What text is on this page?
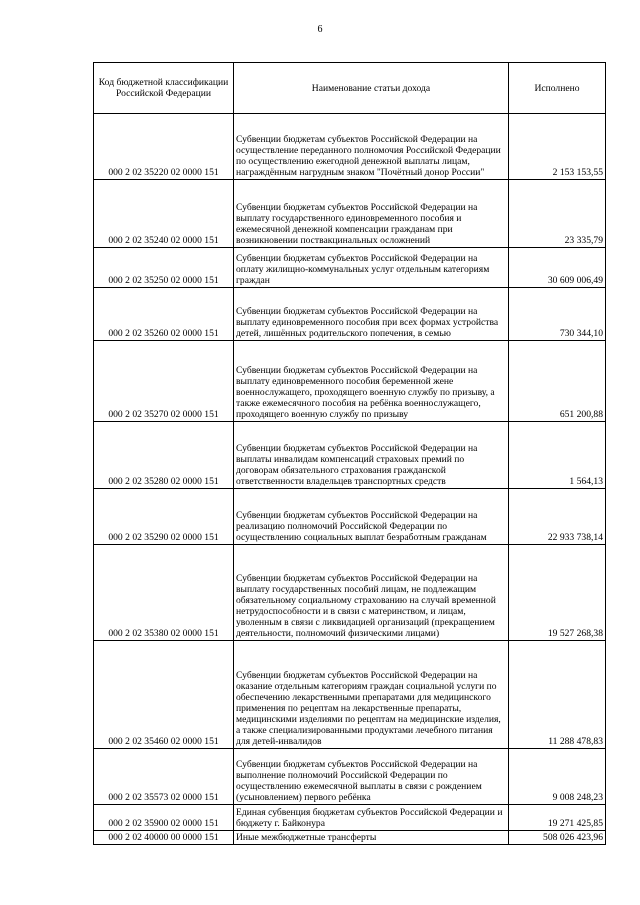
6
Код бюджетной классификации Российской Федерации	Наименование статьи дохода	Исполнено
000 2 02 35220 02 0000 151	Субвенции бюджетам субъектов Российской Федерации на осуществление переданного полномочия Российской Федерации по осуществлению ежегодной денежной выплаты лицам, награждённым нагрудным знаком "Почётный донор России"	2 153 153,55
000 2 02 35240 02 0000 151	Субвенции бюджетам субъектов Российской Федерации на выплату государственного единовременного пособия и ежемесячной денежной компенсации гражданам при возникновении поствакцинальных осложнений	23 335,79
000 2 02 35250 02 0000 151	Субвенции бюджетам субъектов Российской Федерации на оплату жилищно-коммунальных услуг отдельным категориям граждан	30 609 006,49
000 2 02 35260 02 0000 151	Субвенции бюджетам субъектов Российской Федерации на выплату единовременного пособия при всех формах устройства детей, лишённых родительского попечения, в семью	730 344,10
000 2 02 35270 02 0000 151	Субвенции бюджетам субъектов Российской Федерации на выплату единовременного пособия беременной жене военнослужащего, проходящего военную службу по призыву, а также ежемесячного пособия на ребёнка военнослужащего, проходящего военную службу по призыву	651 200,88
000 2 02 35280 02 0000 151	Субвенции бюджетам субъектов Российской Федерации на выплаты инвалидам компенсаций страховых премий по договорам обязательного страхования гражданской ответственности владельцев транспортных средств	1 564,13
000 2 02 35290 02 0000 151	Субвенции бюджетам субъектов Российской Федерации на реализацию полномочий Российской Федерации по осуществлению социальных выплат безработным гражданам	22 933 738,14
000 2 02 35380 02 0000 151	Субвенции бюджетам субъектов Российской Федерации на выплату государственных пособий лицам, не подлежащим обязательному социальному страхованию на случай временной нетрудоспособности и в связи с материнством, и лицам, уволенным в связи с ликвидацией организаций (прекращением деятельности, полномочий физическими лицами)	19 527 268,38
000 2 02 35460 02 0000 151	Субвенции бюджетам субъектов Российской Федерации на оказание отдельным категориям граждан социальной услуги по обеспечению лекарственными препаратами для медицинского применения по рецептам на лекарственные препараты, медицинскими изделиями по рецептам на медицинские изделия, а также специализированными продуктами лечебного питания для детей-инвалидов	11 288 478,83
000 2 02 35573 02 0000 151	Субвенции бюджетам субъектов Российской Федерации на выполнение полномочий Российской Федерации по осуществлению ежемесячной выплаты в связи с рождением (усыновлением) первого ребёнка	9 008 248,23
000 2 02 35900 02 0000 151	Единая субвенция бюджетам субъектов Российской Федерации и бюджету г. Байконура	19 271 425,85
000 2 02 40000 00 0000 151	Иные межбюджетные трансферты	508 026 423,96
